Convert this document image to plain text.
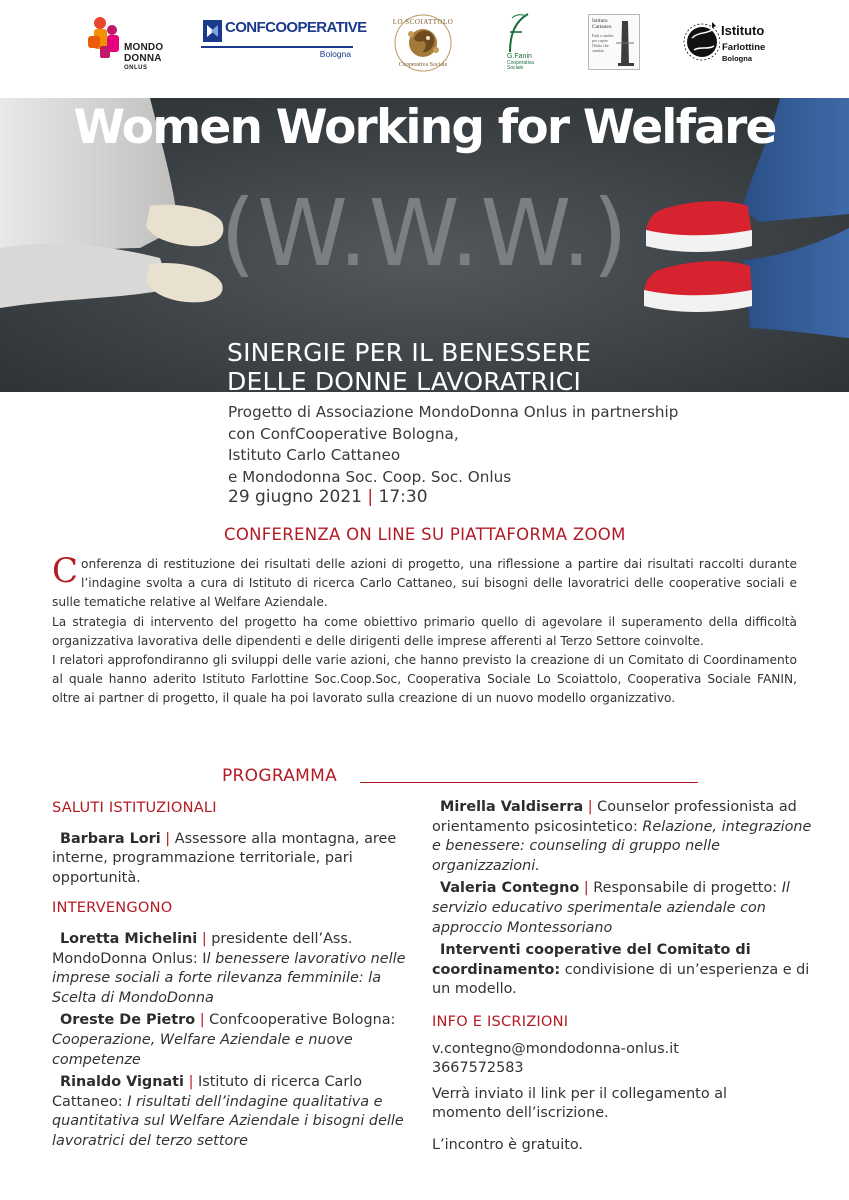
MONDO
DONNA
ONLUS
CONFCOOPERATIVE
Bologna
LO SCOIATTOLO
Cooperativa Sociale
G.Fanin
Cooperativa Sociale
Istituto Cattaneo
Fatti e analisi per capire l'Italia che cambia
Istituto
Farlottine
Bologna
Women Working for Welfare
(W.W.W.)
SINERGIE PER IL BENESSERE
DELLE DONNE LAVORATRICI
Progetto di Associazione MondoDonna Onlus in partnership
con ConfCooperative Bologna,
Istituto Carlo Cattaneo
e Mondodonna Soc. Coop. Soc. Onlus
29 giugno 2021 | 17:30
CONFERENZA ON LINE SU PIATTAFORMA ZOOM

Conferenza di restituzione dei risultati delle azioni di progetto, una riflessione a partire dai risultati raccolti durante l’indagine svolta a cura di Istituto di ricerca Carlo Cattaneo, sui bisogni delle lavoratrici delle cooperative sociali e sulle tematiche relative al Welfare Aziendale.

La strategia di intervento del progetto ha come obiettivo primario quello di agevolare il superamento della difficoltà organizzativa lavorativa delle dipendenti e delle dirigenti delle imprese afferenti al Terzo Settore coinvolte.

I relatori approfondiranno gli sviluppi delle varie azioni, che hanno previsto la creazione di un Comitato di Coordinamento al quale hanno aderito Istituto Farlottine Soc.Coop.Soc, Cooperativa Sociale Lo Scoiattolo, Cooperativa Sociale FANIN, oltre ai partner di progetto, il quale ha poi lavorato sulla creazione di un nuovo modello organizzativo.

PROGRAMMA
SALUTI ISTITUZIONALI

Barbara Lori | Assessore alla montagna, aree interne, programmazione territoriale, pari opportunità.

INTERVENGONO

Loretta Michelini | presidente dell’Ass. MondoDonna Onlus: Il benessere lavorativo nelle imprese sociali a forte rilevanza femminile: la Scelta di MondoDonna

Oreste De Pietro | Confcooperative Bologna: Cooperazione, Welfare Aziendale e nuove competenze

Rinaldo Vignati | Istituto di ricerca Carlo Cattaneo: I risultati dell’indagine qualitativa e quantitativa sul Welfare Aziendale i bisogni delle lavoratrici del terzo settore

Mirella Valdiserra | Counselor professionista ad orientamento psicosintetico: Relazione, integrazione e benessere: counseling di gruppo nelle organizzazioni.

Valeria Contegno | Responsabile di progetto: Il servizio educativo sperimentale aziendale con approccio Montessoriano

Interventi cooperative del Comitato di coordinamento: condivisione di un’esperienza e di un modello.

INFO E ISCRIZIONI
v.contegno@mondodonna-onlus.it
3667572583
Verrà inviato il link per il collegamento al momento dell’iscrizione.
L’incontro è gratuito.
